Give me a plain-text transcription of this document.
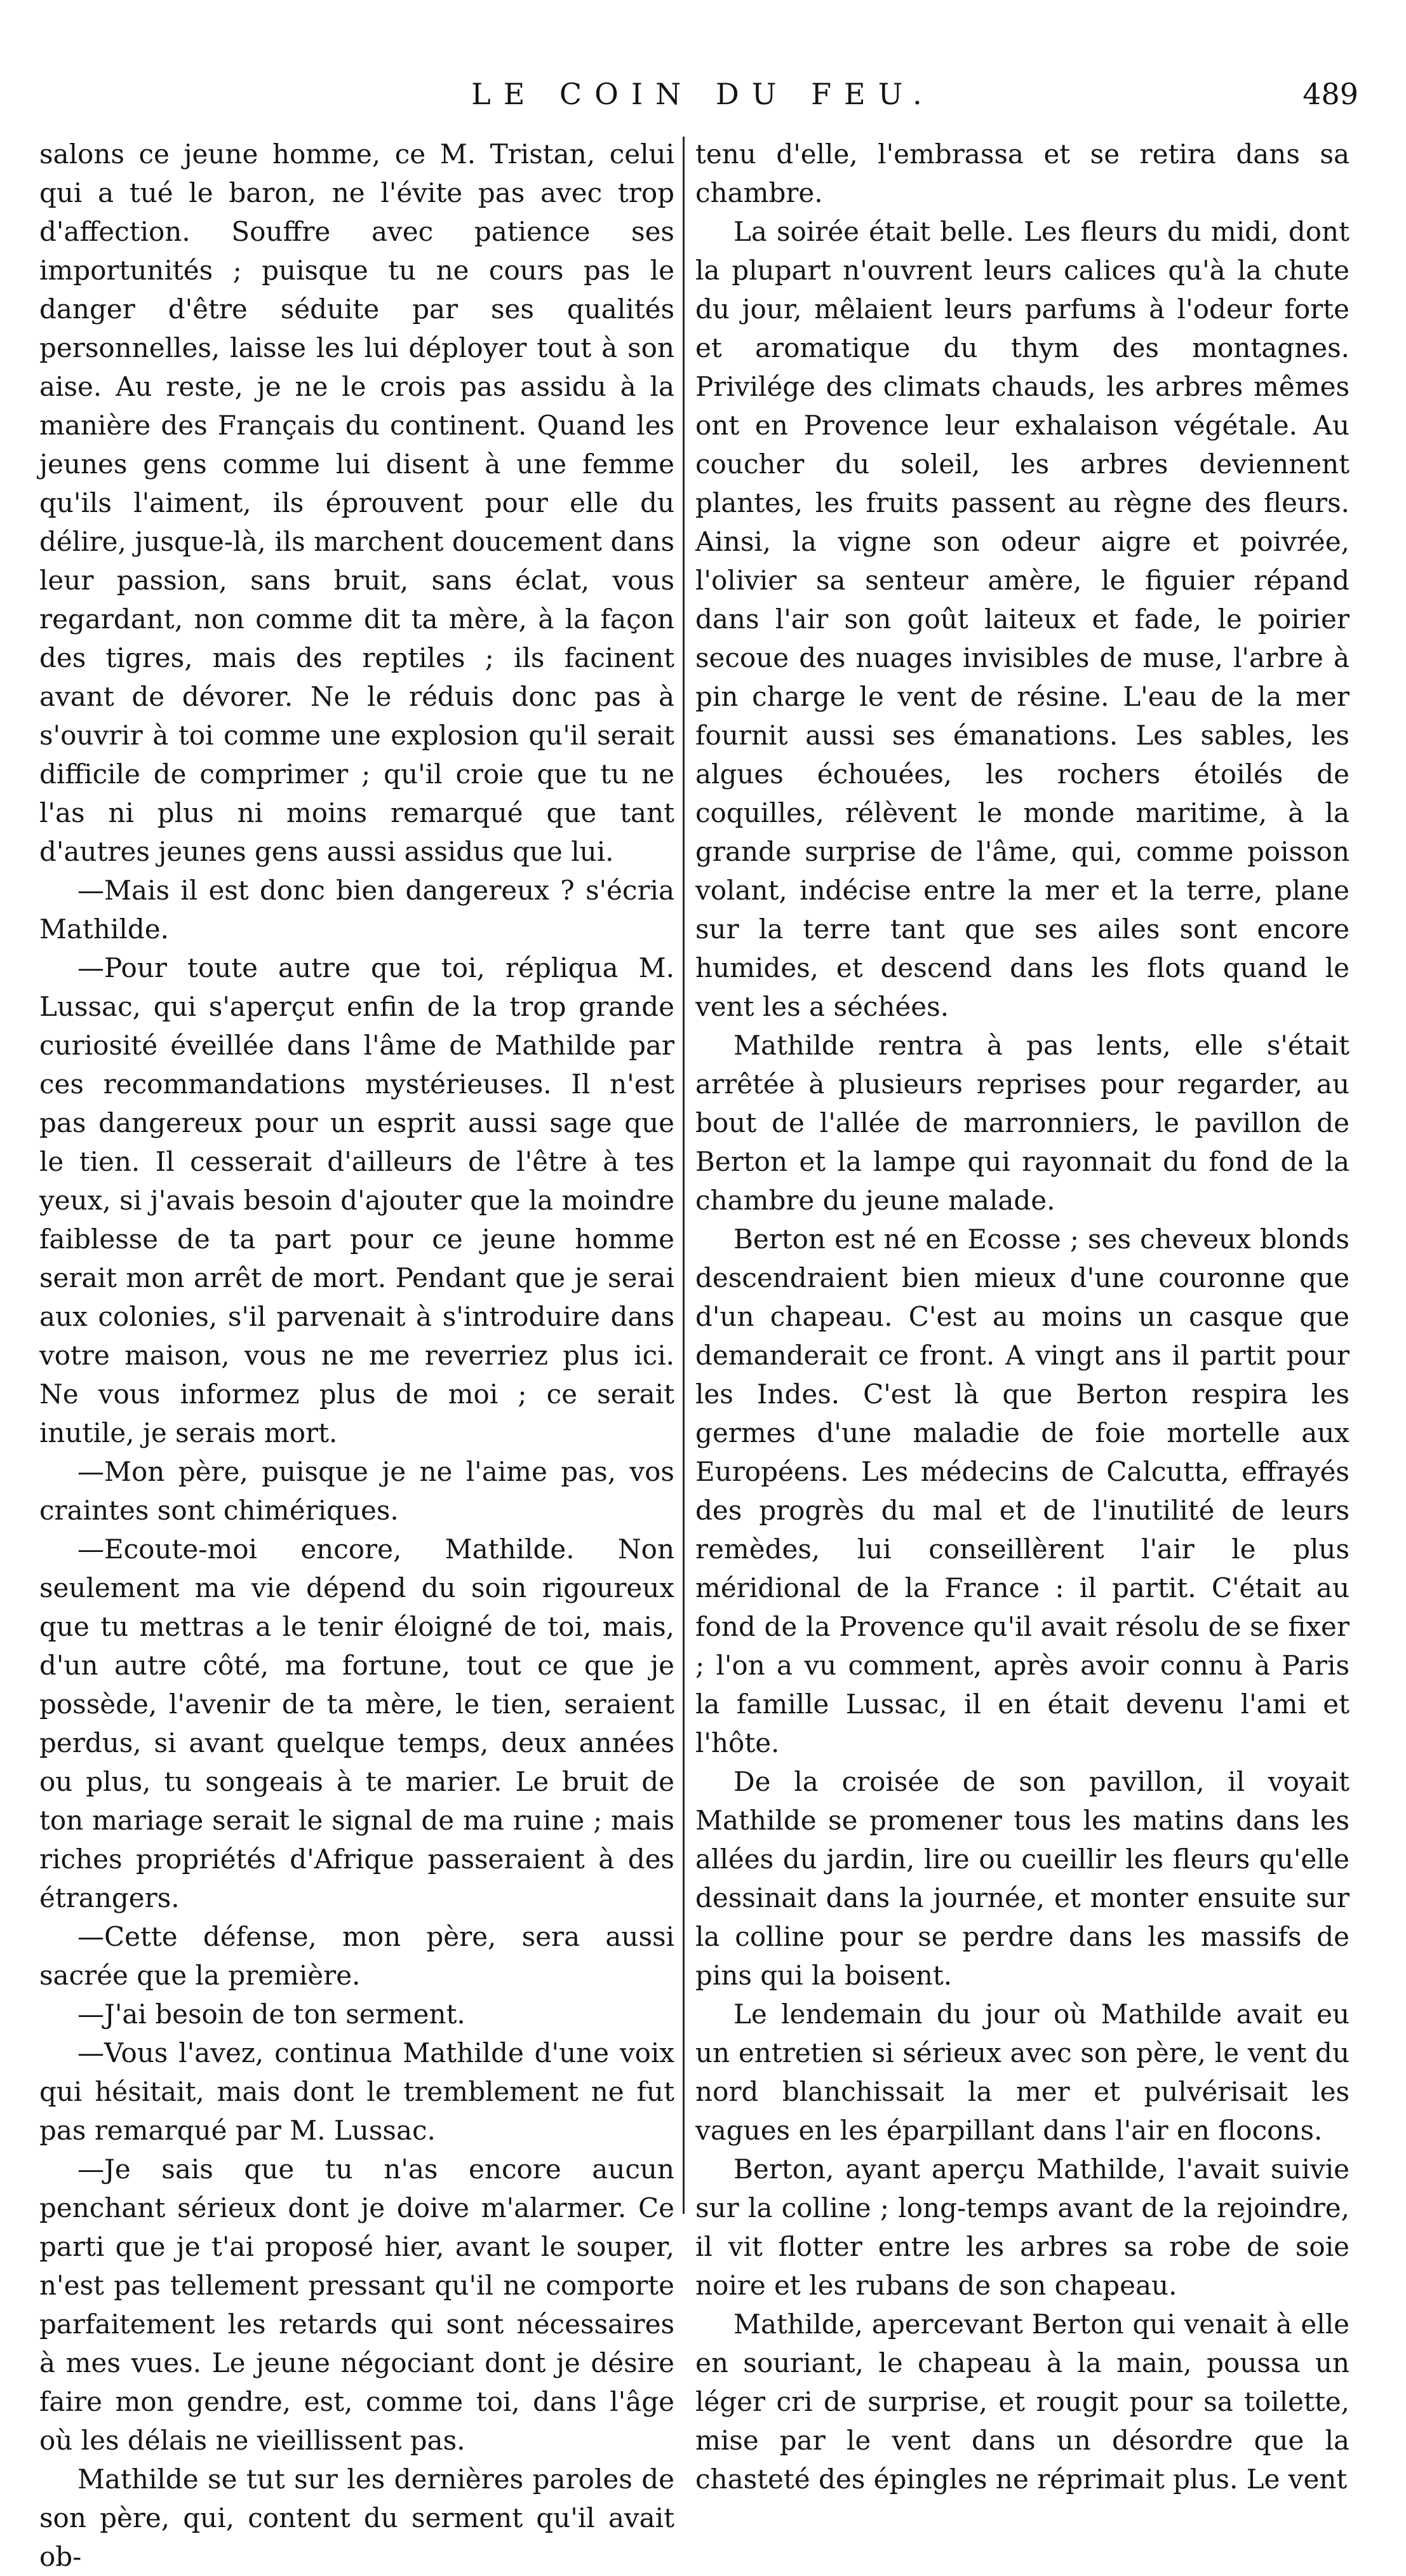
LE COIN DU FEU.	489

salons ce jeune homme, ce M. Tristan, celui qui a tué le baron, ne l'évite pas avec trop d'affection. Souffre avec patience ses importunités ; puisque tu ne cours pas le danger d'être séduite par ses qualités personnelles, laisse les lui déployer tout à son aise. Au reste, je ne le crois pas assidu à la manière des Français du continent. Quand les jeunes gens comme lui disent à une femme qu'ils l'aiment, ils éprouvent pour elle du délire, jusque-là, ils marchent doucement dans leur passion, sans bruit, sans éclat, vous regardant, non comme dit ta mère, à la façon des tigres, mais des reptiles ; ils facinent avant de dévorer. Ne le réduis donc pas à s'ouvrir à toi comme une explosion qu'il serait difficile de comprimer ; qu'il croie que tu ne l'as ni plus ni moins remarqué que tant d'autres jeunes gens aussi assidus que lui.

—Mais il est donc bien dangereux ? s'écria Mathilde.

—Pour toute autre que toi, répliqua M. Lussac, qui s'aperçut enfin de la trop grande curiosité éveillée dans l'âme de Mathilde par ces recommandations mystérieuses. Il n'est pas dangereux pour un esprit aussi sage que le tien. Il cesserait d'ailleurs de l'être à tes yeux, si j'avais besoin d'ajouter que la moindre faiblesse de ta part pour ce jeune homme serait mon arrêt de mort. Pendant que je serai aux colonies, s'il parvenait à s'introduire dans votre maison, vous ne me reverriez plus ici. Ne vous informez plus de moi ; ce serait inutile, je serais mort.

—Mon père, puisque je ne l'aime pas, vos craintes sont chimériques.

—Ecoute-moi encore, Mathilde. Non seulement ma vie dépend du soin rigoureux que tu mettras a le tenir éloigné de toi, mais, d'un autre côté, ma fortune, tout ce que je possède, l'avenir de ta mère, le tien, seraient perdus, si avant quelque temps, deux années ou plus, tu songeais à te marier. Le bruit de ton mariage serait le signal de ma ruine ; mais riches propriétés d'Afrique passeraient à des étrangers.

—Cette défense, mon père, sera aussi sacrée que la première.

—J'ai besoin de ton serment.

—Vous l'avez, continua Mathilde d'une voix qui hésitait, mais dont le tremblement ne fut pas remarqué par M. Lussac.

—Je sais que tu n'as encore aucun penchant sérieux dont je doive m'alarmer. Ce parti que je t'ai proposé hier, avant le souper, n'est pas tellement pressant qu'il ne comporte parfaitement les retards qui sont nécessaires à mes vues. Le jeune négociant dont je désire faire mon gendre, est, comme toi, dans l'âge où les délais ne vieillissent pas.

Mathilde se tut sur les dernières paroles de son père, qui, content du serment qu'il avait ob-

tenu d'elle, l'embrassa et se retira dans sa chambre.

La soirée était belle. Les fleurs du midi, dont la plupart n'ouvrent leurs calices qu'à la chute du jour, mêlaient leurs parfums à l'odeur forte et aromatique du thym des montagnes. Privilége des climats chauds, les arbres mêmes ont en Provence leur exhalaison végétale. Au coucher du soleil, les arbres deviennent plantes, les fruits passent au règne des fleurs. Ainsi, la vigne son odeur aigre et poivrée, l'olivier sa senteur amère, le figuier répand dans l'air son goût laiteux et fade, le poirier secoue des nuages invisibles de muse, l'arbre à pin charge le vent de résine. L'eau de la mer fournit aussi ses émanations. Les sables, les algues échouées, les rochers étoilés de coquilles, rélèvent le monde maritime, à la grande surprise de l'âme, qui, comme poisson volant, indécise entre la mer et la terre, plane sur la terre tant que ses ailes sont encore humides, et descend dans les flots quand le vent les a séchées.

Mathilde rentra à pas lents, elle s'était arrêtée à plusieurs reprises pour regarder, au bout de l'allée de marronniers, le pavillon de Berton et la lampe qui rayonnait du fond de la chambre du jeune malade.

Berton est né en Ecosse ; ses cheveux blonds descendraient bien mieux d'une couronne que d'un chapeau. C'est au moins un casque que demanderait ce front. A vingt ans il partit pour les Indes. C'est là que Berton respira les germes d'une maladie de foie mortelle aux Européens. Les médecins de Calcutta, effrayés des progrès du mal et de l'inutilité de leurs remèdes, lui conseillèrent l'air le plus méridional de la France : il partit. C'était au fond de la Provence qu'il avait résolu de se fixer ; l'on a vu comment, après avoir connu à Paris la famille Lussac, il en était devenu l'ami et l'hôte.

De la croisée de son pavillon, il voyait Mathilde se promener tous les matins dans les allées du jardin, lire ou cueillir les fleurs qu'elle dessinait dans la journée, et monter ensuite sur la colline pour se perdre dans les massifs de pins qui la boisent.

Le lendemain du jour où Mathilde avait eu un entretien si sérieux avec son père, le vent du nord blanchissait la mer et pulvérisait les vagues en les éparpillant dans l'air en flocons.

Berton, ayant aperçu Mathilde, l'avait suivie sur la colline ; long-temps avant de la rejoindre, il vit flotter entre les arbres sa robe de soie noire et les rubans de son chapeau.

Mathilde, apercevant Berton qui venait à elle en souriant, le chapeau à la main, poussa un léger cri de surprise, et rougit pour sa toilette, mise par le vent dans un désordre que la chasteté des épingles ne réprimait plus. Le vent
